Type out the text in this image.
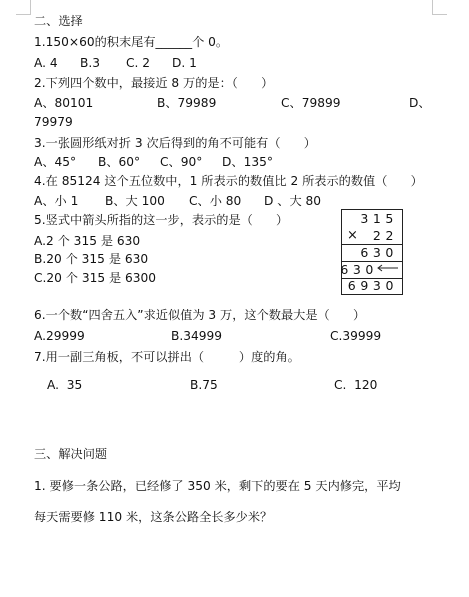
二、选择
1.150×60的积末尾有______个 0。
A. 4 B.3 C. 2 D. 1
2.下列四个数中，最接近 8 万的是：（      ）
A、80101	B、79989	C、79899	D、
79979
3.一张圆形纸对折 3 次后得到的角不可能有（      ）
A、45° B、60° C、90° D、135°
4.在 85124 这个五位数中，1 所表示的数值比 2 所表示的数值（      ）
A、小 1 B、大 100 C、小 80 D 、大 80
5.竖式中箭头所指的这一步，表示的是（      ）
A.2 个 315 是 630
B.20 个 315 是 630
C.20 个 315 是 6300
315
× 22
630
630
6930
6.一个数“四舍五入”求近似值为 3 万，这个数最大是（      ）
A.29999	B.34999	C.39999
7.用一副三角板，不可以拼出（         ）度的角。
A.  35	B.75	C.  120
三、解决问题
1. 要修一条公路，已经修了 350 米，剩下的要在 5 天内修完，平均
每天需要修 110 米，这条公路全长多少米？
